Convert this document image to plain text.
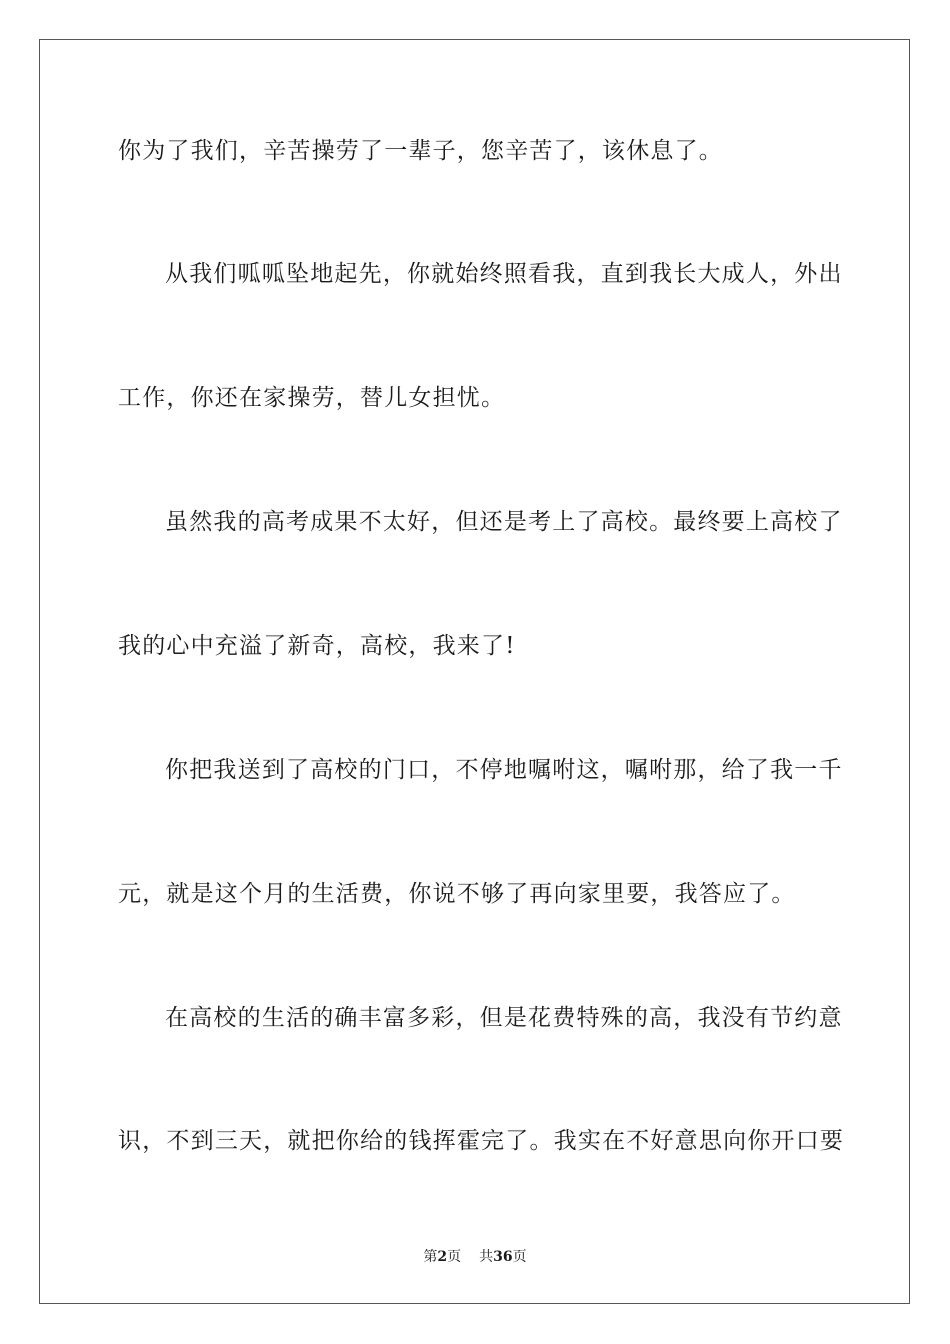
你为了我们，辛苦操劳了一辈子，您辛苦了，该休息了。
从 我 们 呱 呱 坠 地 起 先 ， 你 就 始 终 照 看 我 ， 直 到 我 长 大 成 人 ， 外 出
工作，你还在家操劳，替儿女担忧。
虽 然 我 的 高 考 成 果 不 太 好 ， 但 还 是 考 上 了 高 校 。 最 终 要 上 高 校 了
我的心中充溢了新奇，高校，我来了!
你 把 我 送 到 了 高 校 的 门 口 ， 不 停 地 嘱 咐 这 ， 嘱 咐 那 ， 给 了 我 一 千
元，就是这个月的生活费，你说不够了再向家里要，我答应了。
在 高 校 的 生 活 的 确 丰 富 多 彩 ， 但 是 花 费 特 殊 的 高 ， 我 没 有 节 约 意
识 ， 不 到 三 天 ， 就 把 你 给 的 钱 挥 霍 完 了 。 我 实 在 不 好 意 思 向 你 开 口 要
第2页 共36页
